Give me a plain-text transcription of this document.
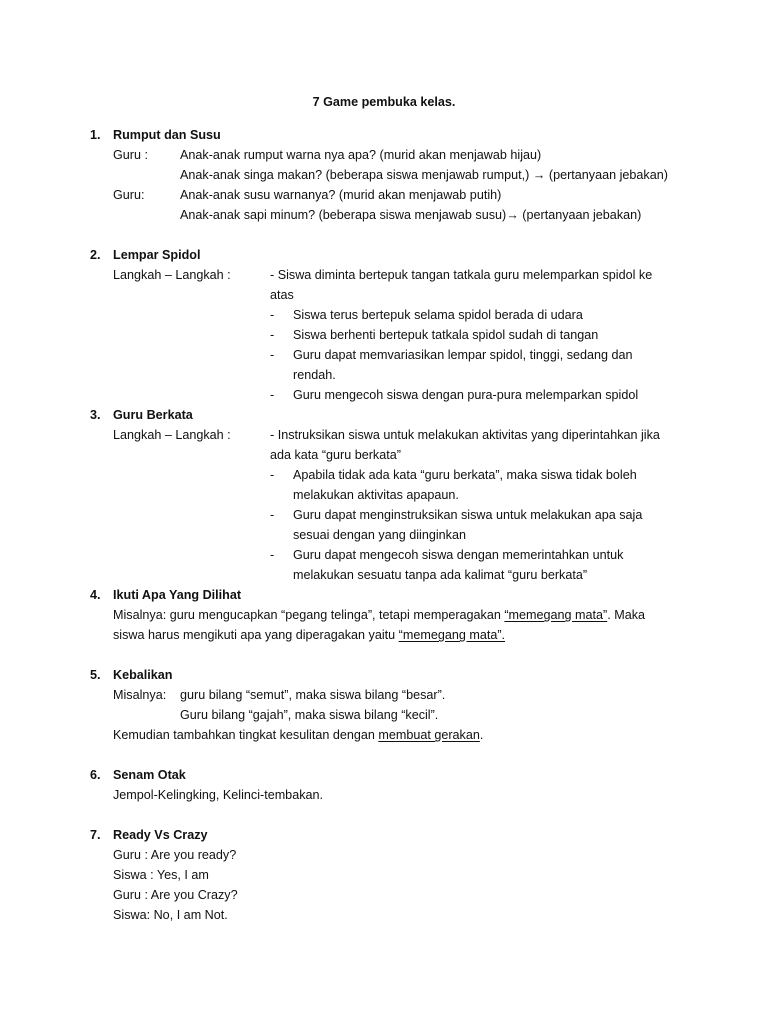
7 Game pembuka kelas.
1. Rumput dan Susu
Guru :	Anak-anak rumput warna nya apa? (murid akan menjawab hijau)
Anak-anak singa makan? (beberapa siswa menjawab rumput,) → (pertanyaan jebakan)
Guru:	Anak-anak susu warnanya? (murid akan menjawab putih)
Anak-anak sapi minum? (beberapa siswa menjawab susu)→ (pertanyaan jebakan)
2. Lempar Spidol
Langkah – Langkah :	- Siswa diminta bertepuk tangan tatkala guru melemparkan spidol ke
atas
- Siswa terus bertepuk selama spidol berada di udara
- Siswa berhenti bertepuk tatkala spidol sudah di tangan
- Guru dapat memvariasikan lempar spidol, tinggi, sedang dan
rendah.
- Guru mengecoh siswa dengan pura-pura melemparkan spidol
3. Guru Berkata
Langkah – Langkah :	- Instruksikan siswa untuk melakukan aktivitas yang diperintahkan jika
ada kata “guru berkata”
- Apabila tidak ada kata “guru berkata”, maka siswa tidak boleh
melakukan aktivitas apapaun.
- Guru dapat menginstruksikan siswa untuk melakukan apa saja
sesuai dengan yang diinginkan
- Guru dapat mengecoh siswa dengan memerintahkan untuk
melakukan sesuatu tanpa ada kalimat “guru berkata”
4. Ikuti Apa Yang Dilihat
Misalnya: guru mengucapkan “pegang telinga”, tetapi memperagakan “memegang mata”. Maka
siswa harus mengikuti apa yang diperagakan yaitu “memegang mata”.
5. Kebalikan
Misalnya: guru bilang “semut”, maka siswa bilang “besar”.
Guru bilang “gajah”, maka siswa bilang “kecil”.
Kemudian tambahkan tingkat kesulitan dengan membuat gerakan.
6. Senam Otak
Jempol-Kelingking, Kelinci-tembakan.
7. Ready Vs Crazy
Guru : Are you ready?
Siswa : Yes, I am
Guru : Are you Crazy?
Siswa: No, I am Not.
